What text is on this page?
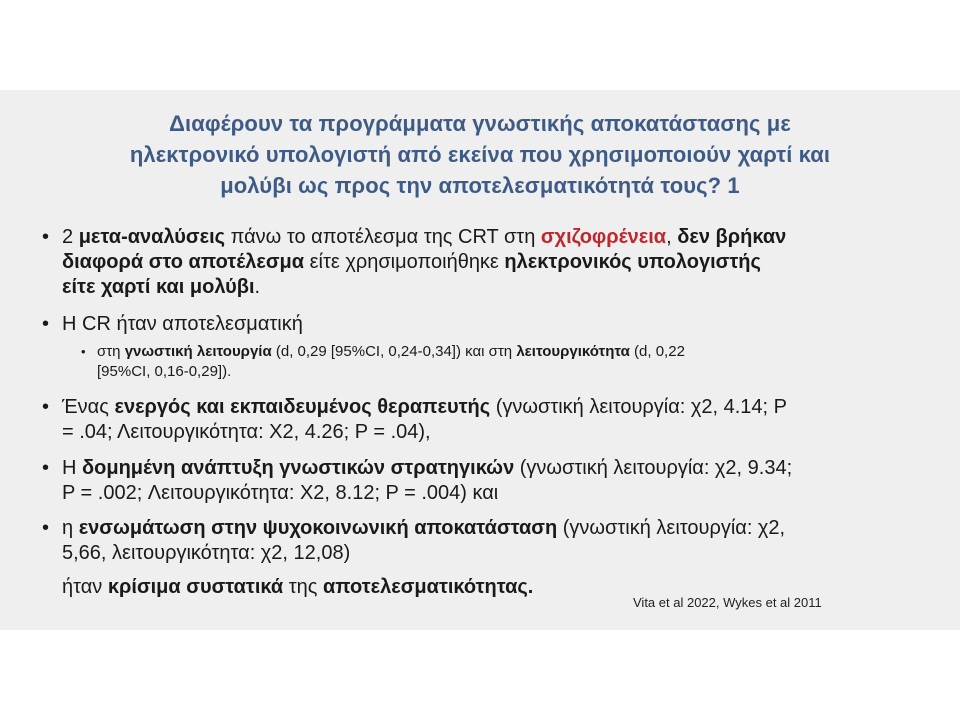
Διαφέρουν τα προγράμματα γνωστικής αποκατάστασης με
ηλεκτρονικό υπολογιστή από εκείνα που χρησιμοποιούν χαρτί και
μολύβι ως προς την αποτελεσματικότητά τους? 1
• 2 μετα-αναλύσεις πάνω το αποτέλεσμα της CRT στη σχιζοφρένεια, δεν βρήκαν
διαφορά στο αποτέλεσμα είτε χρησιμοποιήθηκε ηλεκτρονικός υπολογιστής
είτε χαρτί και μολύβι.
• Η CR ήταν αποτελεσματική
• στη γνωστική λειτουργία (d, 0,29 [95%CI, 0,24-0,34]) και στη λειτουργικότητα (d, 0,22
[95%CI, 0,16-0,29]).
• Ένας ενεργός και εκπαιδευμένος θεραπευτής (γνωστική λειτουργία: χ2, 4.14; P
= .04; Λειτουργικότητα: Χ2, 4.26; P = .04),
• Η δομημένη ανάπτυξη γνωστικών στρατηγικών (γνωστική λειτουργία: χ2, 9.34;
P = .002; Λειτουργικότητα: Χ2, 8.12; P = .004) και
• η ενσωμάτωση στην ψυχοκοινωνική αποκατάσταση (γνωστική λειτουργία: χ2,
5,66, λειτουργικότητα: χ2, 12,08)
ήταν κρίσιμα συστατικά της αποτελεσματικότητας.
Vita et al 2022, Wykes et al 2011
